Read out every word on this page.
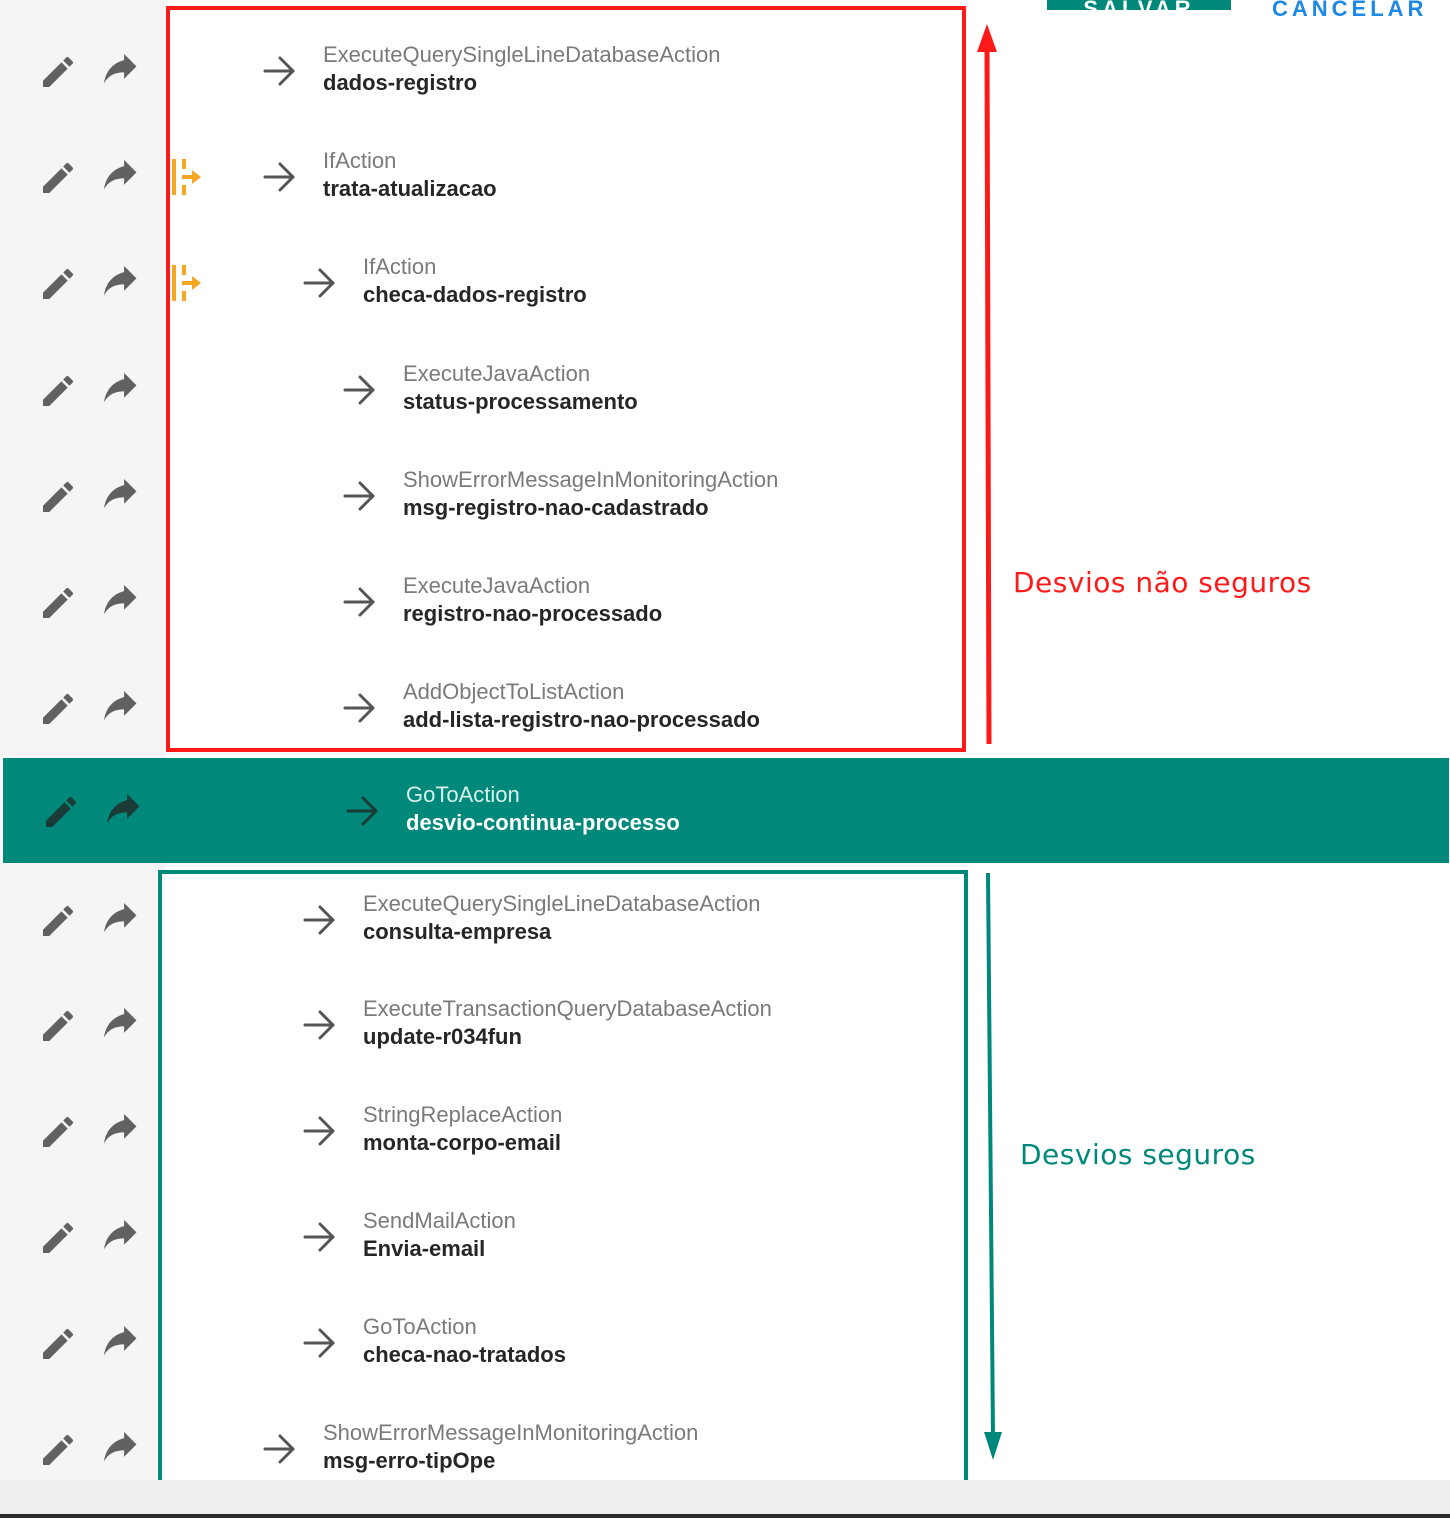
SALVAR	CANCELAR
ExecuteQuerySingleLineDatabaseAction
dados-registro
IfAction
trata-atualizacao
IfAction
checa-dados-registro
ExecuteJavaAction
status-processamento
ShowErrorMessageInMonitoringAction
msg-registro-nao-cadastrado
ExecuteJavaAction
registro-nao-processado
AddObjectToListAction
add-lista-registro-nao-processado
GoToAction
desvio-continua-processo
ExecuteQuerySingleLineDatabaseAction
consulta-empresa
ExecuteTransactionQueryDatabaseAction
update-r034fun
StringReplaceAction
monta-corpo-email
SendMailAction
Envia-email
GoToAction
checa-nao-tratados
ShowErrorMessageInMonitoringAction
msg-erro-tipOpe
Desvios não seguros
Desvios seguros
